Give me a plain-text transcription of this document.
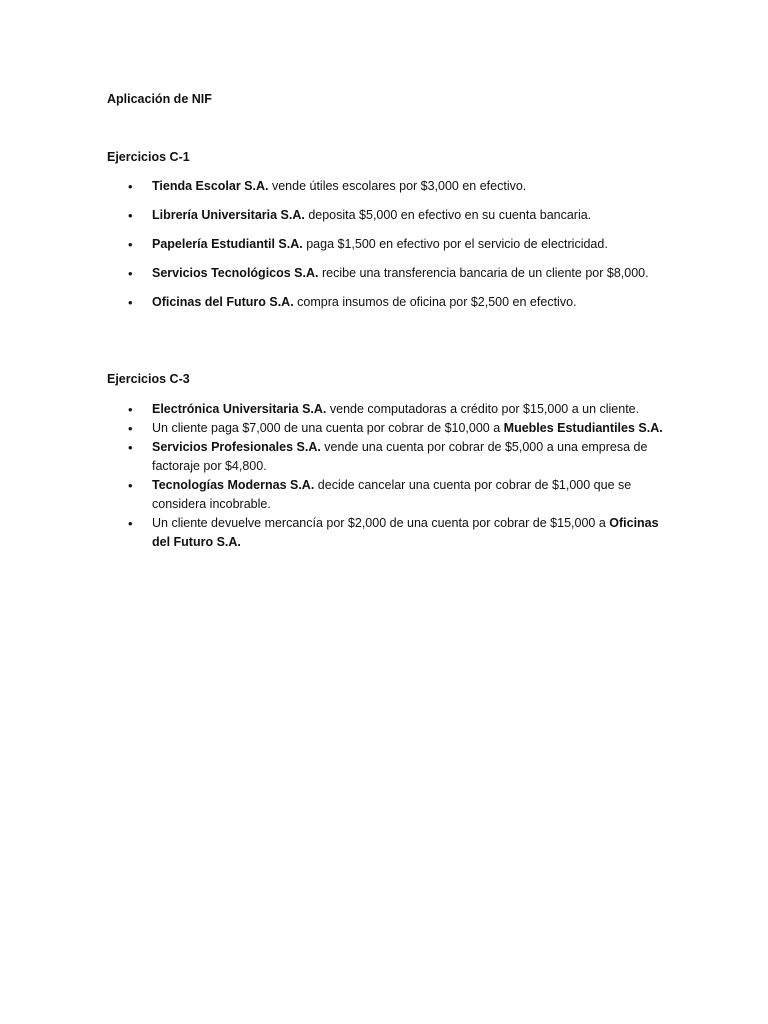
Aplicación de NIF

Ejercicios C-1

• Tienda Escolar S.A. vende útiles escolares por $3,000 en efectivo.
• Librería Universitaria S.A. deposita $5,000 en efectivo en su cuenta bancaria.
• Papelería Estudiantil S.A. paga $1,500 en efectivo por el servicio de electricidad.
• Servicios Tecnológicos S.A. recibe una transferencia bancaria de un cliente por $8,000.
• Oficinas del Futuro S.A. compra insumos de oficina por $2,500 en efectivo.

Ejercicios C-3

• Electrónica Universitaria S.A. vende computadoras a crédito por $15,000 a un cliente.
• Un cliente paga $7,000 de una cuenta por cobrar de $10,000 a Muebles Estudiantiles S.A.
• Servicios Profesionales S.A. vende una cuenta por cobrar de $5,000 a una empresa de factoraje por $4,800.
• Tecnologías Modernas S.A. decide cancelar una cuenta por cobrar de $1,000 que se considera incobrable.
• Un cliente devuelve mercancía por $2,000 de una cuenta por cobrar de $15,000 a Oficinas del Futuro S.A.
